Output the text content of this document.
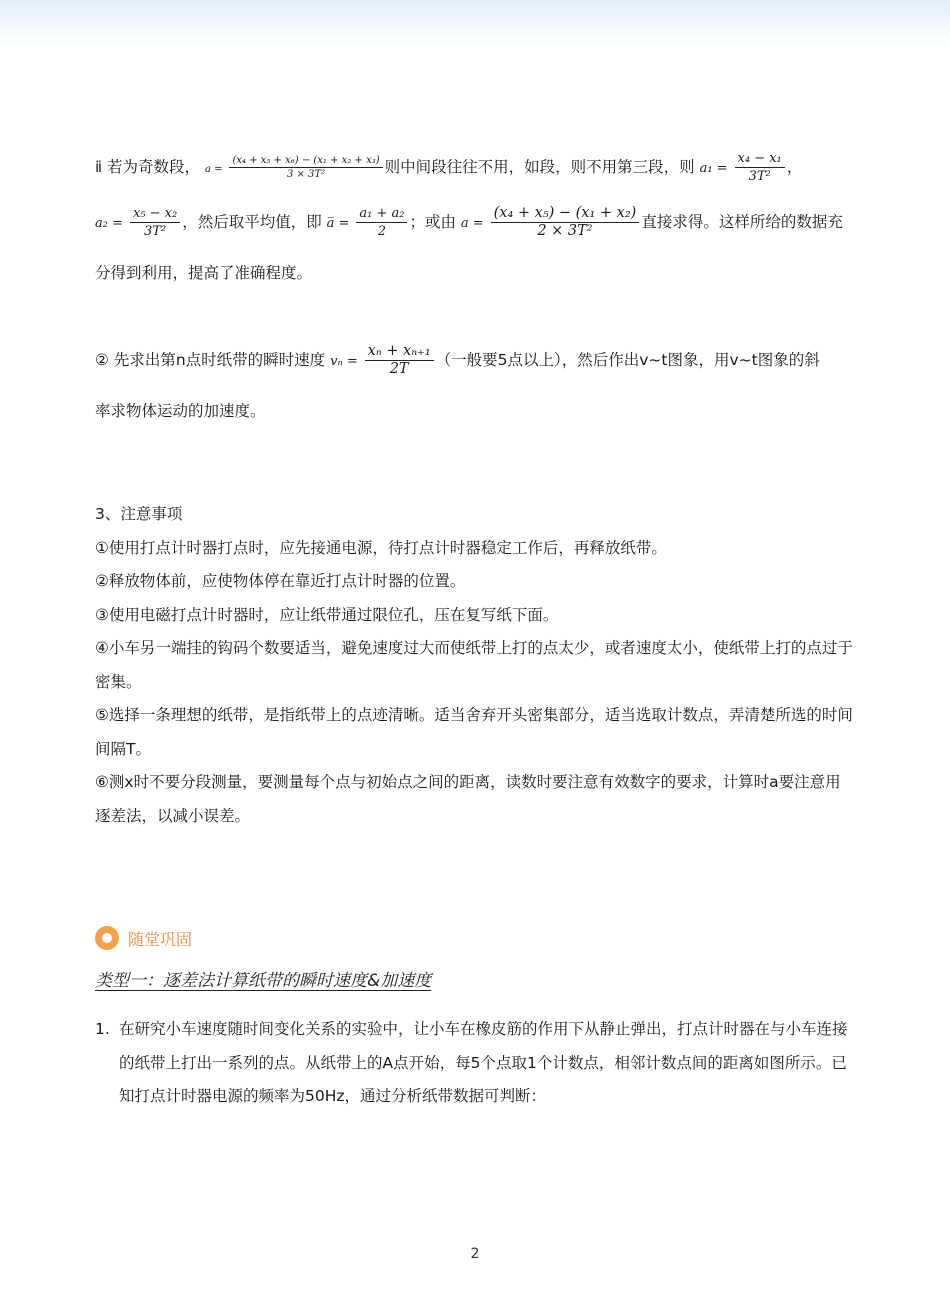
ⅱ 若为奇数段， $a = \frac{\text{(x₄ + x₅ + x₆) − (x₁ + x₂ + x₃)}}{\text{3 × 3T²}}$ 则中间段往往不用，如段，则不用第三段，则 $a_1 = \frac{\text{x₄ − x₁}}{\text{3T²}}$ ，
$a_2 = \frac{\text{x₅ − x₂}}{\text{3T²}}$ ，然后取平均值，即 a̅ = $\frac{\text{a₁ + a₂}}{2}$ ；或由 $a = \frac{\text{(x₄ + x₅) − (x₁ + x₂)}}{\text{2 × 3T²}}$ 直接求得。这样所给的数据充
分得到利用，提高了准确程度。
② 先求出第n点时纸带的瞬时速度 $v_n = \frac{\text{xₙ + xₙ₊₁}}{2T}$ （一般要5点以上），然后作出v~t图象，用v~t图象的斜
率求物体运动的加速度。

3、注意事项

①使用打点计时器打点时，应先接通电源，待打点计时器稳定工作后，再释放纸带。

②释放物体前，应使物体停在靠近打点计时器的位置。

③使用电磁打点计时器时，应让纸带通过限位孔，压在复写纸下面。

④小车另一端挂的钩码个数要适当，避免速度过大而使纸带上打的点太少，或者速度太小，使纸带上打的点过于密集。

⑤选择一条理想的纸带，是指纸带上的点迹清晰。适当舍弃开头密集部分，适当选取计数点，弄清楚所选的时间间隔T。

⑥测x时不要分段测量，要测量每个点与初始点之间的距离，读数时要注意有效数字的要求，计算时a要注意用逐差法，以减小误差。

随堂巩固
类型一：逐差法计算纸带的瞬时速度&加速度
1. 在研究小车速度随时间变化关系的实验中，让小车在橡皮筋的作用下从静止弹出，打点计时器在与小车连接的纸带上打出一系列的点。从纸带上的A点开始，每5个点取1个计数点，相邻计数点间的距离如图所示。已知打点计时器电源的频率为50Hz，通过分析纸带数据可判断：
2
